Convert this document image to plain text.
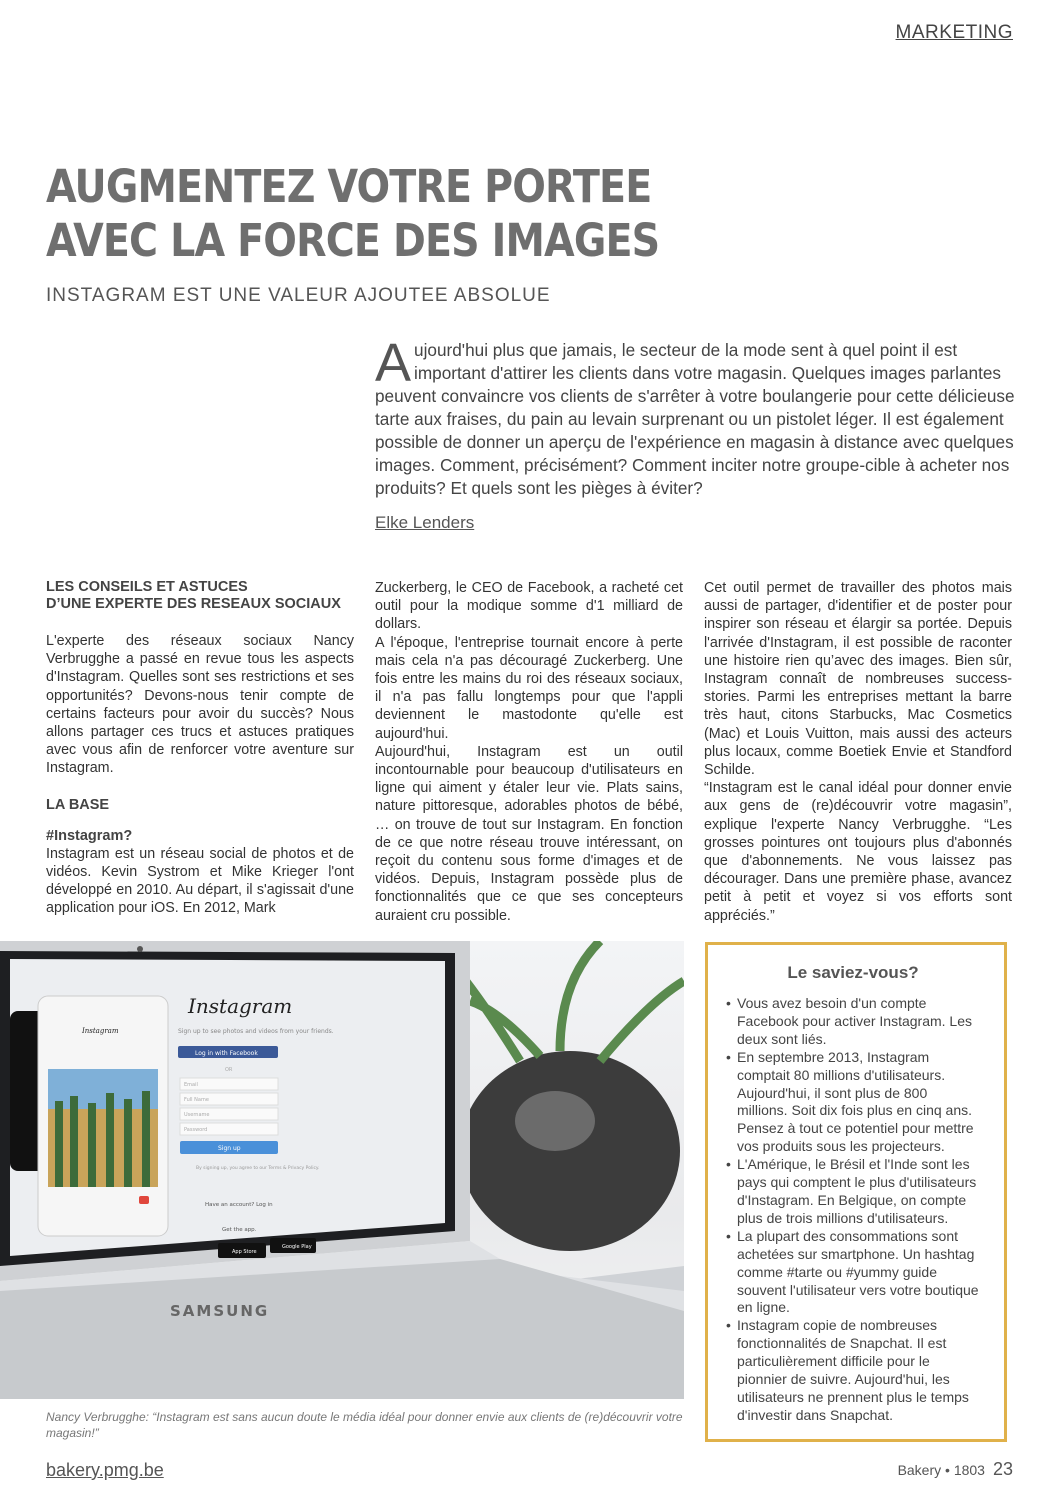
MARKETING
AUGMENTEZ VOTRE PORTEE
AVEC LA FORCE DES IMAGES
INSTAGRAM EST UNE VALEUR AJOUTEE ABSOLUE
Aujourd'hui plus que jamais, le secteur de la mode sent à quel point il est important d'attirer les clients dans votre magasin. Quelques images parlantes peuvent convaincre vos clients de s'arrêter à votre boulangerie pour cette délicieuse tarte aux fraises, du pain au levain surprenant ou un pistolet léger. Il est également possible de donner un aperçu de l'expérience en magasin à distance avec quelques images. Comment, précisément? Comment inciter notre groupe-cible à acheter nos produits? Et quels sont les pièges à éviter?
Elke Lenders
LES CONSEILS ET ASTUCES
D’UNE EXPERTE DES RESEAUX SOCIAUX

L'experte des réseaux sociaux Nancy Verbrugghe a passé en revue tous les aspects d'Instagram. Quelles sont ses restrictions et ses opportunités? Devons-nous tenir compte de certains facteurs pour avoir du succès? Nous allons partager ces trucs et astuces pratiques avec vous afin de renforcer votre aventure sur Instagram.

LA BASE
#Instagram?

Instagram est un réseau social de photos et de vidéos. Kevin Systrom et Mike Krieger l'ont développé en 2010. Au départ, il s'agissait d'une application pour iOS. En 2012, Mark

Zuckerberg, le CEO de Facebook, a racheté cet outil pour la modique somme d'1 milliard de dollars.

A l'époque, l'entreprise tournait encore à perte mais cela n'a pas découragé Zuckerberg. Une fois entre les mains du roi des réseaux sociaux, il n'a pas fallu longtemps pour que l'appli deviennent le mastodonte qu'elle est aujourd'hui.

Aujourd'hui, Instagram est un outil incontournable pour beaucoup d'utilisateurs en ligne qui aiment y étaler leur vie. Plats sains, nature pittoresque, adorables photos de bébé, … on trouve de tout sur Instagram. En fonction de ce que notre réseau trouve intéressant, on reçoit du contenu sous forme d'images et de vidéos. Depuis, Instagram possède plus de fonctionnalités que ce que ses concepteurs auraient cru possible.

Cet outil permet de travailler des photos mais aussi de partager, d'identifier et de poster pour inspirer son réseau et élargir sa portée. Depuis l'arrivée d'Instagram, il est possible de raconter une histoire rien qu’avec des images. Bien sûr, Instagram connaît de nombreuses success-stories. Parmi les entreprises mettant la barre très haut, citons Starbucks, Mac Cosmetics (Mac) et Louis Vuitton, mais aussi des acteurs plus locaux, comme Boetiek Envie et Standford Schilde.

“Instagram est le canal idéal pour donner envie aux gens de (re)découvrir votre magasin”, explique l'experte Nancy Verbrugghe. “Les grosses pointures ont toujours plus d'abonnés que d'abonnements. Ne vous laissez pas décourager. Dans une première phase, avancez petit à petit et voyez si vos efforts sont appréciés.”

SAMSUNG
Instagram
Sign up to see photos and videos from your friends.
Log in with Facebook
OR
Email
Full Name
Username
Password
Sign up
By signing up, you agree to our Terms & Privacy Policy.
Have an account? Log in
Get the app.
App Store
Google Play
Instagram
Nancy Verbrugghe: “Instagram est sans aucun doute le média idéal pour donner envie aux clients de (re)découvrir votre magasin!”
Le saviez-vous?
• Vous avez besoin d'un compte Facebook pour activer Instagram. Les deux sont liés.
• En septembre 2013, Instagram comptait 80 millions d'utilisateurs. Aujourd'hui, il sont plus de 800 millions. Soit dix fois plus en cinq ans. Pensez à tout ce potentiel pour mettre vos produits sous les projecteurs.
• L'Amérique, le Brésil et l'Inde sont les pays qui comptent le plus d'utilisateurs d'Instagram. En Belgique, on compte plus de trois millions d'utilisateurs.
• La plupart des consommations sont achetées sur smartphone. Un hashtag comme #tarte ou #yummy guide souvent l'utilisateur vers votre boutique en ligne.
• Instagram copie de nombreuses fonctionnalités de Snapchat. Il est particulièrement difficile pour le pionnier de suivre. Aujourd'hui, les utilisateurs ne prennent plus le temps d'investir dans Snapchat.
bakery.pmg.be	Bakery • 1803 23
